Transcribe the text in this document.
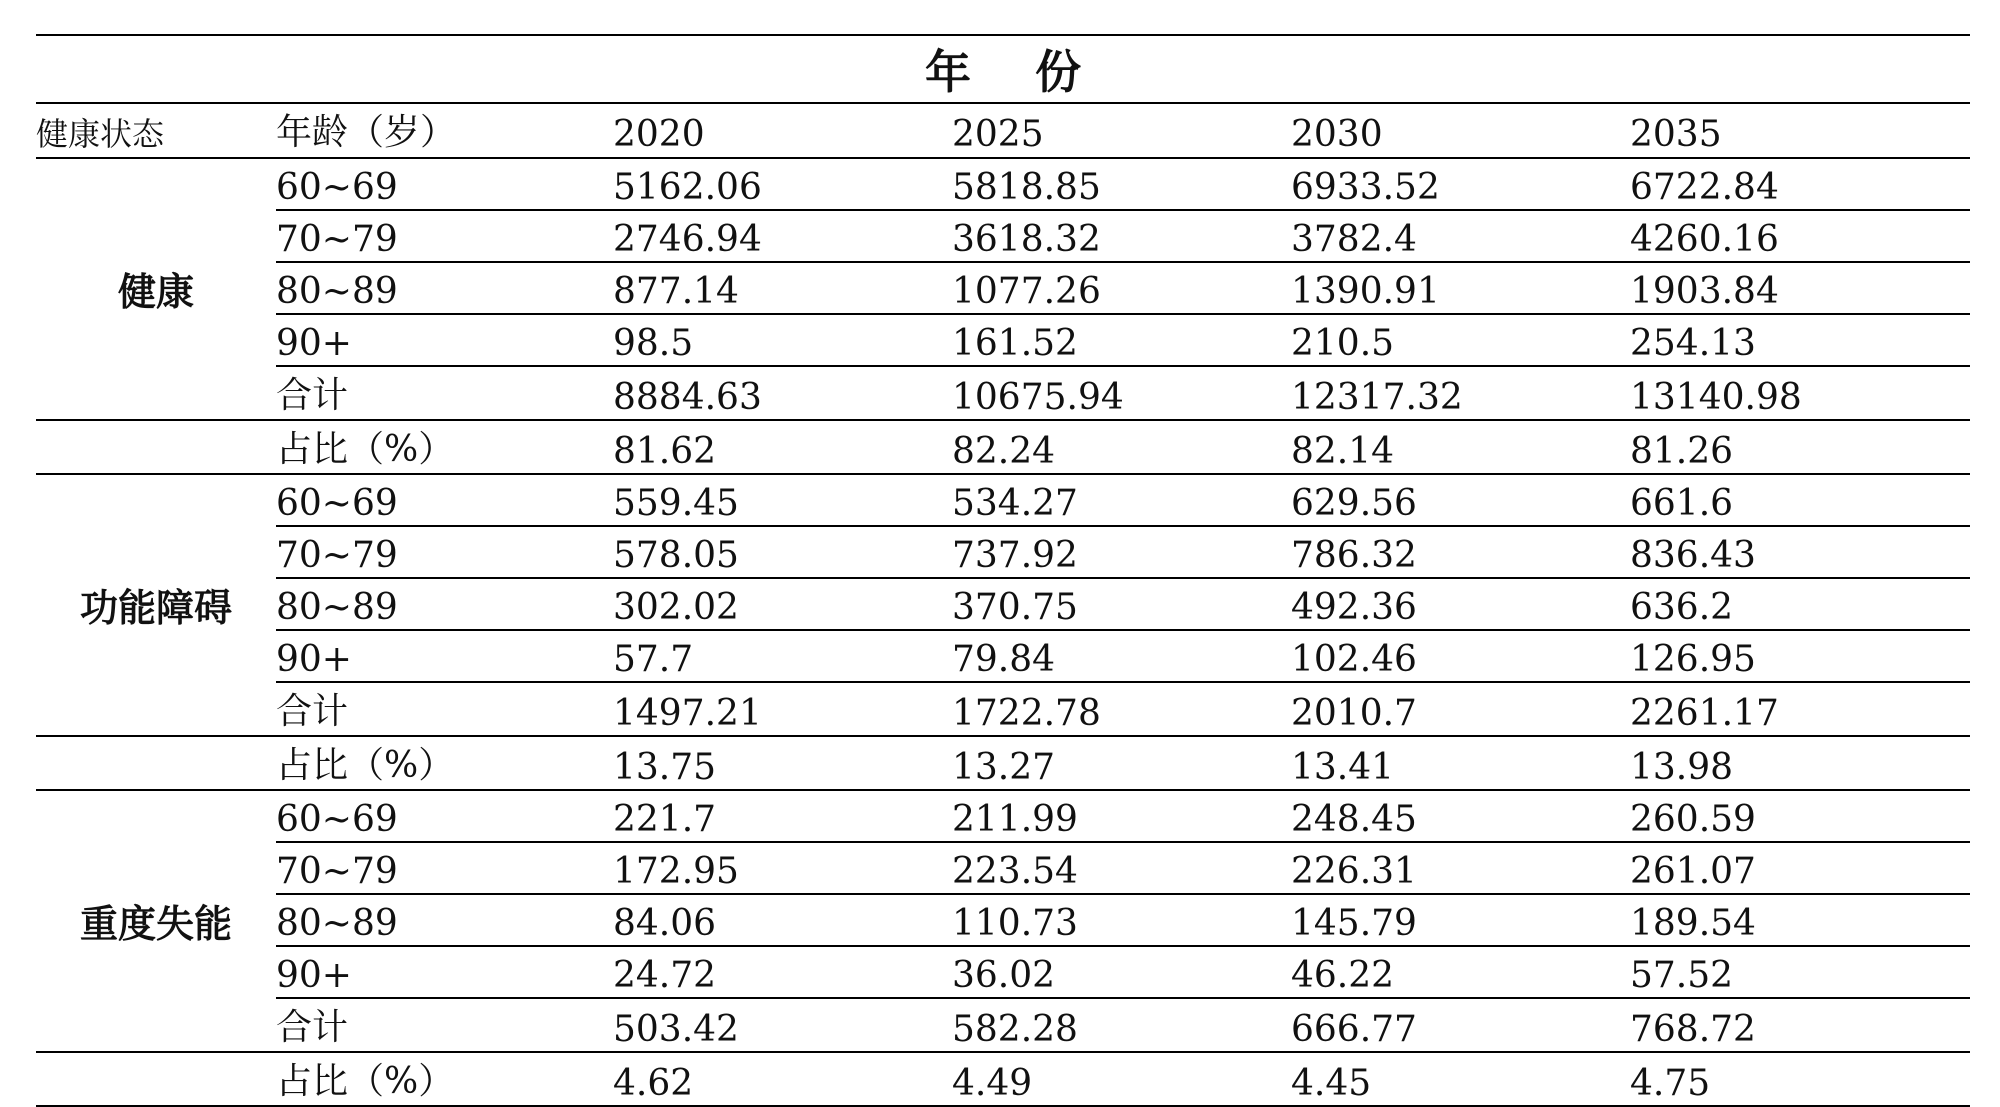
年 份					
健康状态	年龄（岁）	2020	2025	2030	2035
健康	60~69	5162.06	5818.85	6933.52	6722.84
	70~79	2746.94	3618.32	3782.4	4260.16
	80~89	877.14	1077.26	1390.91	1903.84
	90+	98.5	161.52	210.5	254.13
	合计	8884.63	10675.94	12317.32	13140.98
	占比（%）	81.62	82.24	82.14	81.26
功能障碍	60~69	559.45	534.27	629.56	661.6
	70~79	578.05	737.92	786.32	836.43
	80~89	302.02	370.75	492.36	636.2
	90+	57.7	79.84	102.46	126.95
	合计	1497.21	1722.78	2010.7	2261.17
	占比（%）	13.75	13.27	13.41	13.98
重度失能	60~69	221.7	211.99	248.45	260.59
	70~79	172.95	223.54	226.31	261.07
	80~89	84.06	110.73	145.79	189.54
	90+	24.72	36.02	46.22	57.52
	合计	503.42	582.28	666.77	768.72
	占比（%）	4.62	4.49	4.45	4.75
